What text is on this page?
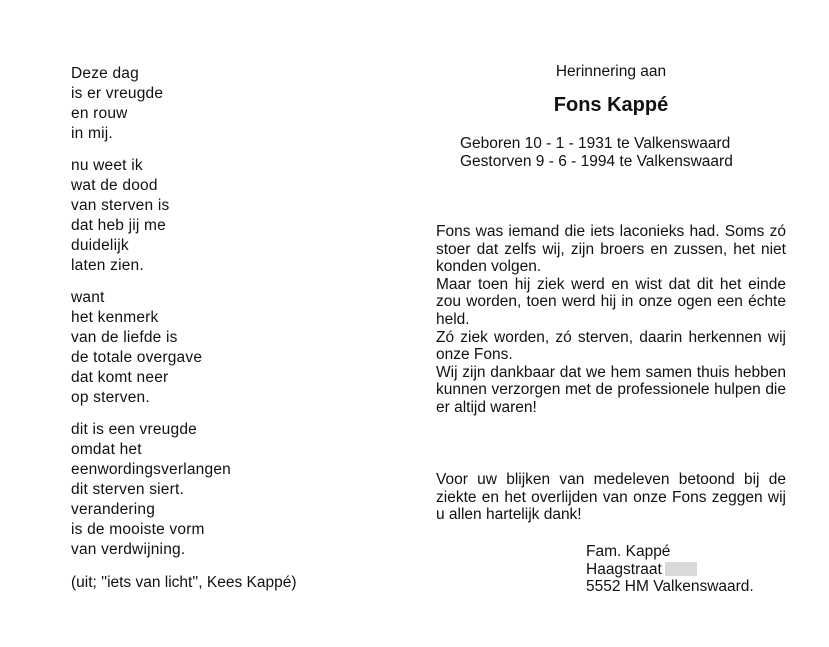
Deze dag
is er vreugde
en rouw
in mij.
nu weet ik
wat de dood
van sterven is
dat heb jij me
duidelijk
laten zien.
want
het kenmerk
van de liefde is
de totale overgave
dat komt neer
op sterven.
dit is een vreugde
omdat het
eenwordingsverlangen
dit sterven siert.
verandering
is de mooiste vorm
van verdwijning.
(uit; ''iets van licht'', Kees Kappé)
Herinnering aan
Fons Kappé
Geboren 10 - 1 - 1931 te Valkenswaard
Gestorven 9 - 6 - 1994 te Valkenswaard
Fons was iemand die iets laconieks had. Soms zó stoer dat zelfs wij, zijn broers en zussen, het niet konden volgen.
Maar toen hij ziek werd en wist dat dit het einde zou worden, toen werd hij in onze ogen een échte held.
Zó ziek worden, zó sterven, daarin herkennen wij onze Fons.
Wij zijn dankbaar dat we hem samen thuis hebben kunnen verzorgen met de professionele hulpen die er altijd waren!
Voor uw blijken van medeleven betoond bij de ziekte en het overlijden van onze Fons zeggen wij u allen hartelijk dank!
Fam. Kappé
Haagstraat
5552 HM Valkenswaard.
